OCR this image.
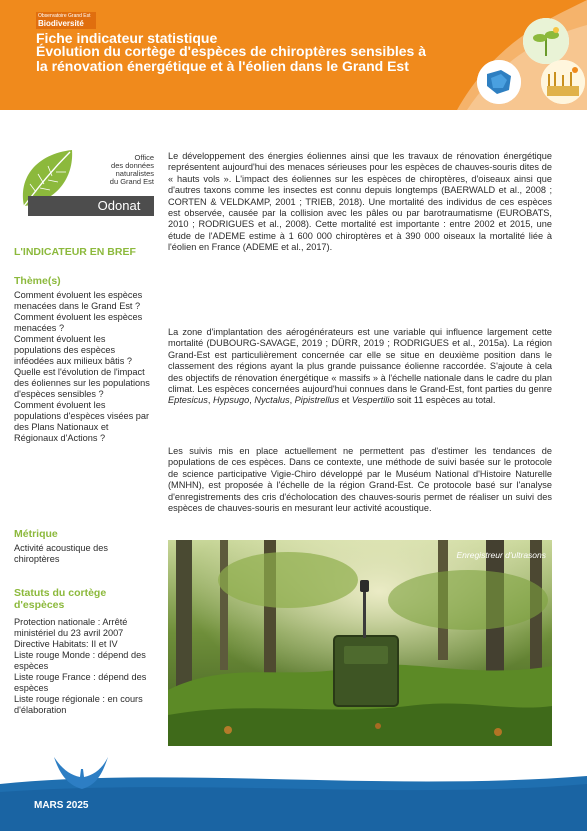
Observatoire Grand Est
Biodiversité
Fiche indicateur statistique
Évolution du cortège d'espèces de chiroptères sensibles à la rénovation énergétique et à l'éolien dans le Grand Est
Office
des données
naturalistes
du Grand Est
Odonat
L'INDICATEUR EN BREF
Thème(s)
Comment évoluent les espèces menacées dans le Grand Est ?
Comment évoluent les espèces menacées ?
Comment évoluent les populations des espèces inféodées aux milieux bâtis ?
Quelle est l'évolution de l'impact des éoliennes sur les populations d'espèces sensibles ?
Comment évoluent les populations d'espèces visées par des Plans Nationaux et Régionaux d'Actions ?
Métrique
Activité acoustique des chiroptères
Statuts du cortège
d'espèces
Protection nationale : Arrêté ministériel du 23 avril 2007
Directive Habitats: II et IV
Liste rouge Monde : dépend des espèces
Liste rouge France : dépend des espèces
Liste rouge régionale : en cours d'élaboration

Le développement des énergies éoliennes ainsi que les travaux de rénovation énergétique représentent aujourd'hui des menaces sérieuses pour les espèces de chauves-souris dites de « hauts vols ». L'impact des éoliennes sur les espèces de chiroptères, d'oiseaux ainsi que d'autres taxons comme les insectes est connu depuis longtemps (BAERWALD et al., 2008 ; CORTEN & VELDKAMP, 2001 ; TRIEB, 2018). Une mortalité des individus de ces espèces est observée, causée par la collision avec les pâles ou par barotraumatisme (EUROBATS, 2010 ; RODRIGUES et al., 2008). Cette mortalité est importante : entre 2002 et 2015, une étude de l'ADEME estime à 1 600 000 chiroptères et à 390 000 oiseaux la mortalité liée à l'éolien en France (ADEME et al., 2017).

La zone d'implantation des aérogénérateurs est une variable qui influence largement cette mortalité (DUBOURG-SAVAGE, 2019 ; DÜRR, 2019 ; RODRIGUES et al., 2015a). La région Grand-Est est particulièrement concernée car elle se situe en deuxième position dans le classement des régions ayant la plus grande puissance éolienne raccordée. S'ajoute à cela des objectifs de rénovation énergétique « massifs » à l'échelle nationale dans le cadre du plan climat. Les espèces concernées aujourd'hui connues dans le Grand-Est, font parties du genre Eptesicus, Hypsugo, Nyctalus, Pipistrellus et Vespertilio soit 11 espèces au total.

Les suivis mis en place actuellement ne permettent pas d'estimer les tendances de populations de ces espèces. Dans ce contexte, une méthode de suivi basée sur le protocole de science participative Vigie-Chiro développé par le Muséum National d'Histoire Naturelle (MNHN), est proposée à l'échelle de la région Grand-Est. Ce protocole basé sur l'analyse d'enregistrements des cris d'écholocation des chauves-souris permet de réaliser un suivi des espèces de chauves-souris en mesurant leur activité acoustique.

Enregistreur d'ultrasons
MARS 2025
